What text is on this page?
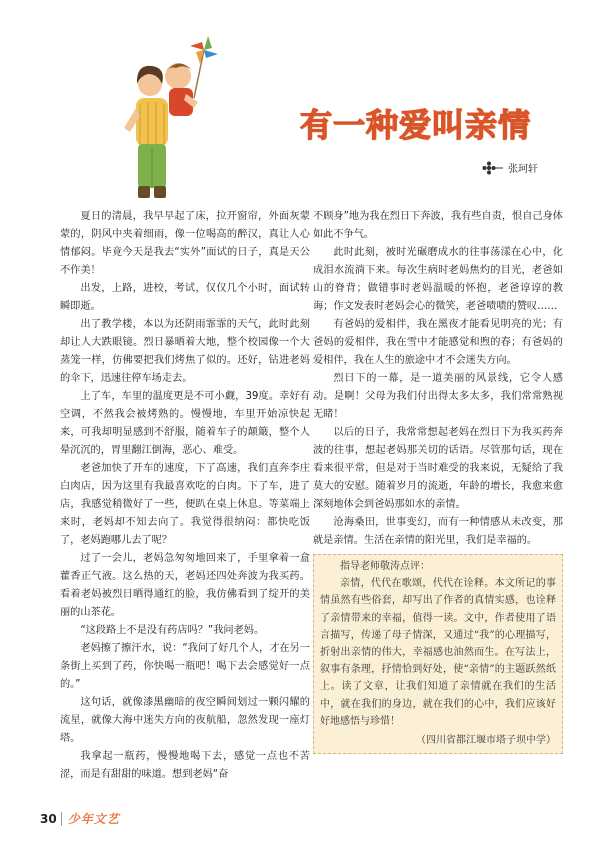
有一种爱叫亲情
张珂轩

夏日的清晨，我早早起了床，拉开窗帘，外面灰蒙蒙的，阴风中夹着细雨，像一位喝高的醉汉，真让人心情郁闷。毕竟今天是我去“实外”面试的日子，真是天公不作美！

出发，上路，进校，考试，仅仅几个小时，面试转瞬即逝。

出了教学楼，本以为还阴雨霏霏的天气，此时此刻却让人大跌眼镜。烈日暴晒着大地，整个校园像一个大蒸笼一样，仿佛要把我们烤焦了似的。还好，钻进老妈的伞下，迅速往停车场走去。

上了车，车里的温度更是不可小觑，39度。幸好有空调，不然我会被烤熟的。慢慢地，车里开始凉快起来，可我却明显感到不舒服，随着车子的颠簸，整个人晕沉沉的，胃里翻江倒海，恶心、难受。

老爸加快了开车的速度，下了高速，我们直奔李庄白肉店，因为这里有我最喜欢吃的白肉。下了车，进了店，我感觉稍微好了一些，便趴在桌上休息。等菜端上来时，老妈却不知去向了。我觉得很纳闷：都快吃饭了，老妈跑哪儿去了呢？

过了一会儿，老妈急匆匆地回来了，手里拿着一盒藿香正气液。这么热的天，老妈还四处奔波为我买药。看着老妈被烈日晒得通红的脸，我仿佛看到了绽开的美丽的山茶花。

“这段路上不是没有药店吗？”我问老妈。

老妈擦了擦汗水，说：“我问了好几个人，才在另一条街上买到了药，你快喝一瓶吧！喝下去会感觉好一点的。”

这句话，就像漆黑幽暗的夜空瞬间划过一颗闪耀的流星，就像大海中迷失方向的夜航船，忽然发现一座灯塔。

我拿起一瓶药，慢慢地喝下去，感觉一点也不苦涩，而是有甜甜的味道。想到老妈“奋

不顾身”地为我在烈日下奔波，我有些自责，恨自己身体如此不争气。

此时此刻，被时光碾磨成水的往事荡漾在心中，化成泪水流淌下来。每次生病时老妈焦灼的目光，老爸如山的脊背；做错事时老妈温暖的怀抱，老爸谆谆的教诲；作文发表时老妈会心的微笑，老爸啧啧的赞叹……

有爸妈的爱相伴，我在黑夜才能看见明亮的光；有爸妈的爱相伴，我在雪中才能感觉和煦的春；有爸妈的爱相伴，我在人生的旅途中才不会迷失方向。

烈日下的一幕，是一道美丽的风景线，它令人感动。是啊！父母为我们付出得太多太多，我们常常熟视无睹！

以后的日子，我常常想起老妈在烈日下为我买药奔波的往事，想起老妈那关切的话语。尽管那句话，现在看来很平常，但是对于当时难受的我来说，无疑给了我莫大的安慰。随着岁月的流逝，年龄的增长，我愈来愈深刻地体会到爸妈那如水的亲情。

沧海桑田，世事变幻，而有一种情感从未改变，那就是亲情。生活在亲情的阳光里，我们是幸福的。

指导老师敬涛点评：

亲情，代代在歌颂，代代在诠释。本文所记的事情虽然有些俗套，却写出了作者的真情实感，也诠释了亲情带来的幸福，值得一读。文中，作者使用了语言描写，传递了母子情深，又通过“我”的心理描写，折射出亲情的伟大，幸福感也油然而生。在写法上，叙事有条理，抒情恰到好处，使“亲情”的主题跃然纸上。读了文章，让我们知道了亲情就在我们的生活中，就在我们的身边，就在我们的心中，我们应该好好地感悟与珍惜！

（四川省都江堰市塔子坝中学）
30 少年文艺
